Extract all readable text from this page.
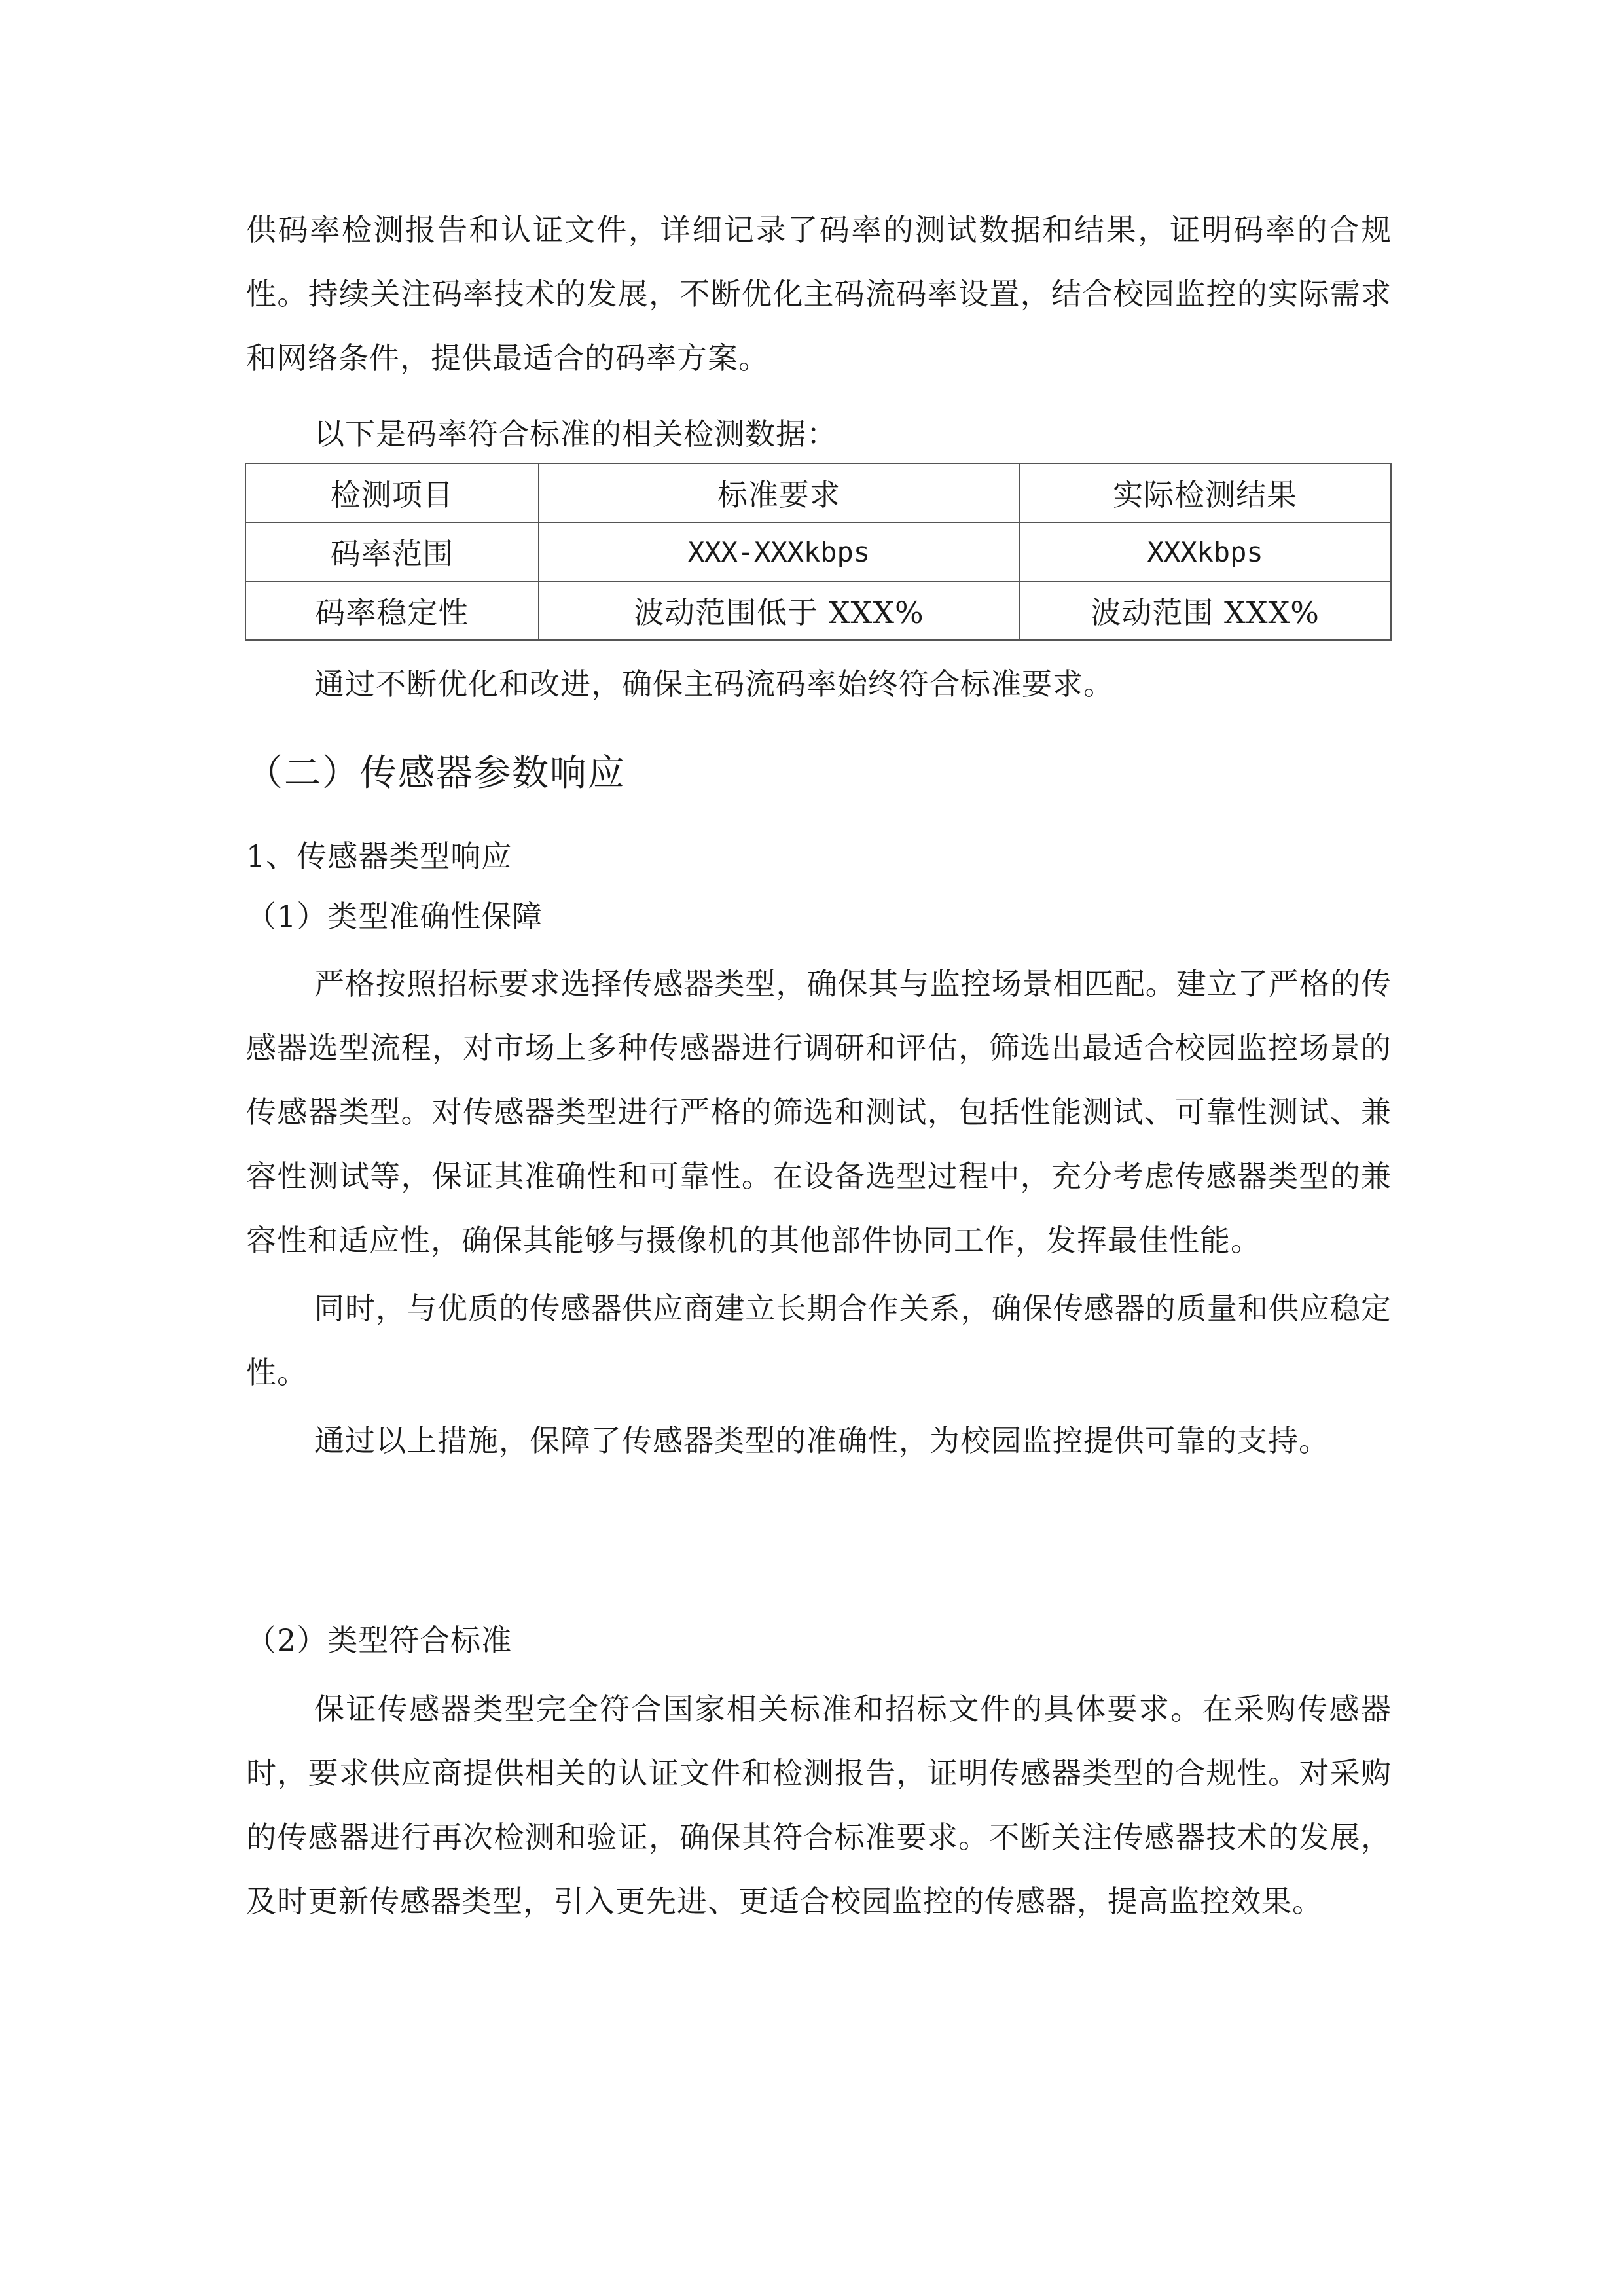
供码率检测报告和认证文件，详细记录了码率的测试数据和结果，证明码率的合规性。持续关注码率技术的发展，不断优化主码流码率设置，结合校园监控的实际需求和网络条件，提供最适合的码率方案。

以下是码率符合标准的相关检测数据：

检测项目	标准要求	实际检测结果
码率范围	XXX-XXXkbps	XXXkbps
码率稳定性	波动范围低于 XXX%	波动范围 XXX%

通过不断优化和改进，确保主码流码率始终符合标准要求。

（二）传感器参数响应
1、传感器类型响应
（1）类型准确性保障

严格按照招标要求选择传感器类型，确保其与监控场景相匹配。建立了严格的传感器选型流程，对市场上多种传感器进行调研和评估，筛选出最适合校园监控场景的传感器类型。对传感器类型进行严格的筛选和测试，包括性能测试、可靠性测试、兼容性测试等，保证其准确性和可靠性。在设备选型过程中，充分考虑传感器类型的兼容性和适应性，确保其能够与摄像机的其他部件协同工作，发挥最佳性能。

同时，与优质的传感器供应商建立长期合作关系，确保传感器的质量和供应稳定性。

通过以上措施，保障了传感器类型的准确性，为校园监控提供可靠的支持。

（2）类型符合标准

保证传感器类型完全符合国家相关标准和招标文件的具体要求。在采购传感器时，要求供应商提供相关的认证文件和检测报告，证明传感器类型的合规性。对采购的传感器进行再次检测和验证，确保其符合标准要求。不断关注传感器技术的发展，及时更新传感器类型，引入更先进、更适合校园监控的传感器，提高监控效果。
